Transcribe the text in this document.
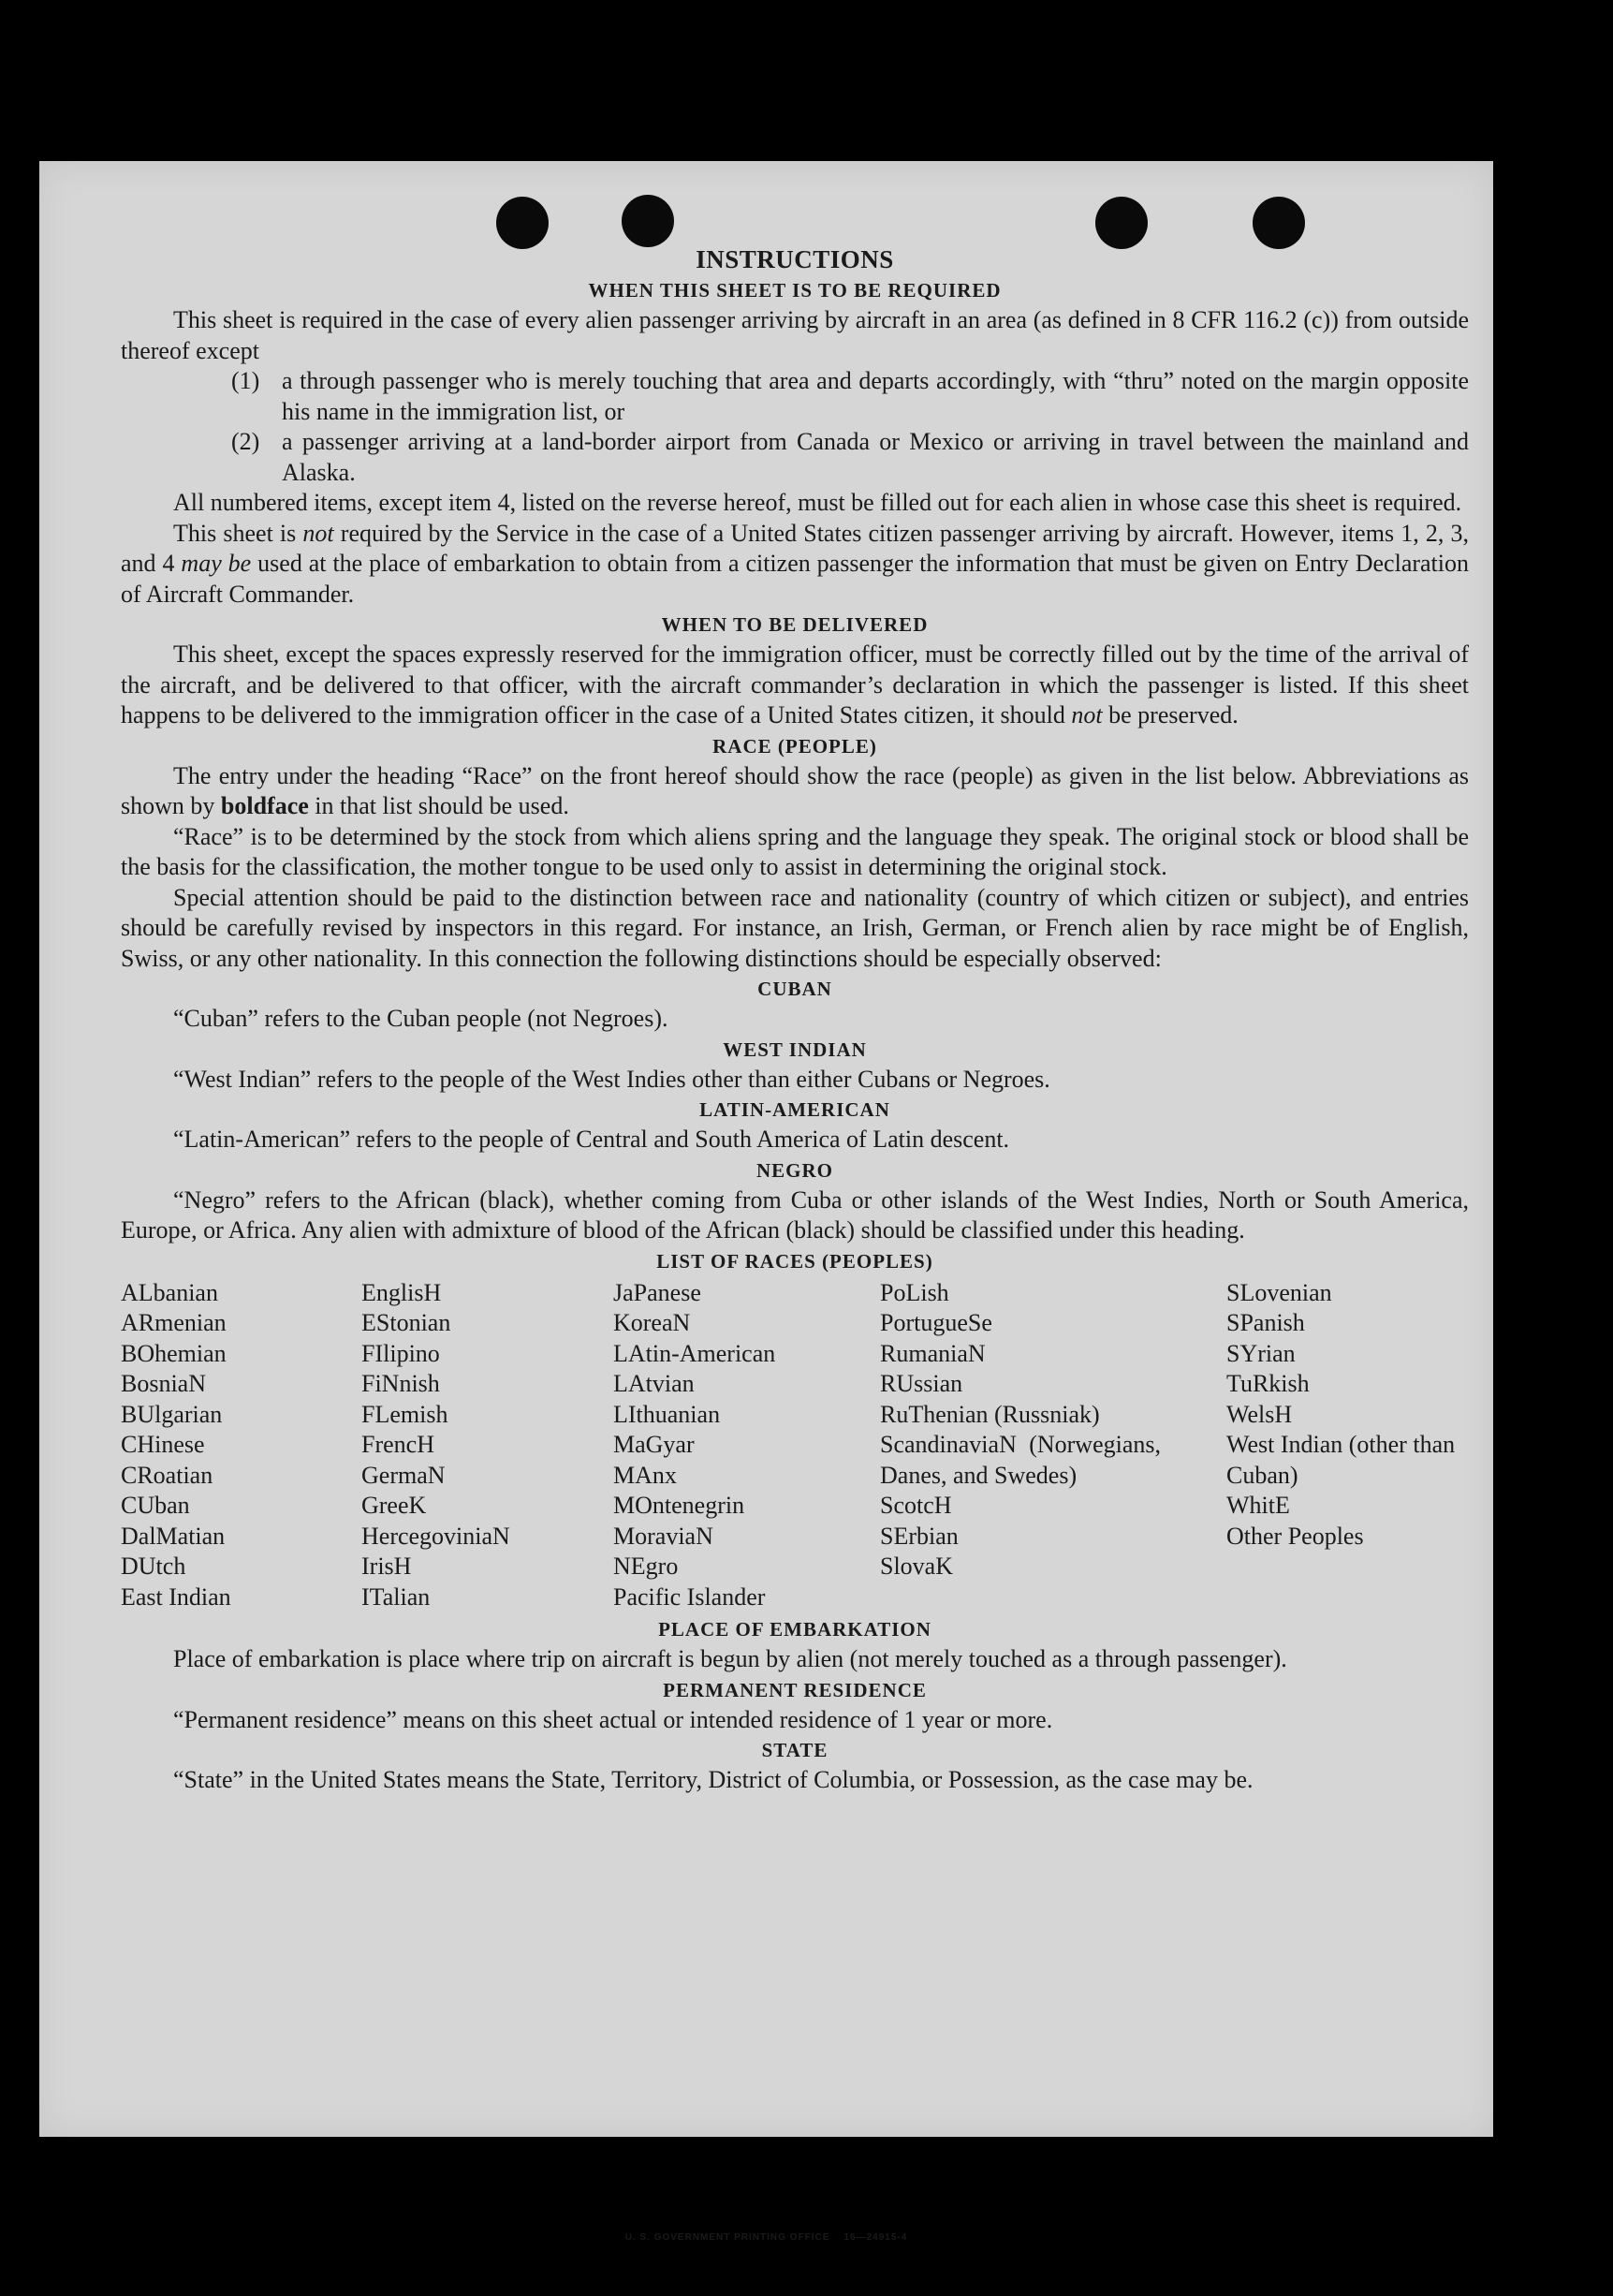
INSTRUCTIONS
WHEN THIS SHEET IS TO BE REQUIRED

This sheet is required in the case of every alien passenger arriving by aircraft in an area (as defined in 8 CFR 116.2 (c)) from outside thereof except

(1) a through passenger who is merely touching that area and departs accordingly, with “thru” noted on the margin opposite his name in the immigration list, or
(2) a passenger arriving at a land-border airport from Canada or Mexico or arriving in travel between the mainland and Alaska.

All numbered items, except item 4, listed on the reverse hereof, must be filled out for each alien in whose case this sheet is required.

This sheet is not required by the Service in the case of a United States citizen passenger arriving by aircraft. However, items 1, 2, 3, and 4 may be used at the place of embarkation to obtain from a citizen passenger the information that must be given on Entry Declaration of Aircraft Commander.

WHEN TO BE DELIVERED

This sheet, except the spaces expressly reserved for the immigration officer, must be correctly filled out by the time of the arrival of the aircraft, and be delivered to that officer, with the aircraft commander’s declaration in which the passenger is listed. If this sheet happens to be delivered to the immigration officer in the case of a United States citizen, it should not be preserved.

RACE (PEOPLE)

The entry under the heading “Race” on the front hereof should show the race (people) as given in the list below. Abbreviations as shown by boldface in that list should be used.

“Race” is to be determined by the stock from which aliens spring and the language they speak. The original stock or blood shall be the basis for the classification, the mother tongue to be used only to assist in determining the original stock.

Special attention should be paid to the distinction between race and nationality (country of which citizen or subject), and entries should be carefully revised by inspectors in this regard. For instance, an Irish, German, or French alien by race might be of English, Swiss, or any other nationality. In this connection the following distinctions should be especially observed:

CUBAN

“Cuban” refers to the Cuban people (not Negroes).

WEST INDIAN

“West Indian” refers to the people of the West Indies other than either Cubans or Negroes.

LATIN-AMERICAN

“Latin-American” refers to the people of Central and South America of Latin descent.

NEGRO

“Negro” refers to the African (black), whether coming from Cuba or other islands of the West Indies, North or South America, Europe, or Africa. Any alien with admixture of blood of the African (black) should be classified under this heading.

LIST OF RACES (PEOPLES)
ALbanian
ARmenian
BOhemian
BosniaN
BUlgarian
CHinese
CRoatian
CUban
DalMatian
DUtch
East Indian
EnglisH
EStonian
FIlipino
FiNnish
FLemish
FrencH
GermaN
GreeK
HercegoviniaN
IrisH
ITalian
JaPanese
KoreaN
LAtin-American
LAtvian
LIthuanian
MaGyar
MAnx
MOntenegrin
MoraviaN
NEgro
Pacific Islander
PoLish
PortugueSe
RumaniaN
RUssian
RuThenian (Russniak)
ScandinaviaN (Norwegians, Danes, and Swedes)
ScotcH
SErbian
SlovaK
SLovenian
SPanish
SYrian
TuRkish
WelsH
West Indian (other than Cuban)
WhitE
Other Peoples
PLACE OF EMBARKATION

Place of embarkation is place where trip on aircraft is begun by alien (not merely touched as a through passenger).

PERMANENT RESIDENCE

“Permanent residence” means on this sheet actual or intended residence of 1 year or more.

STATE

“State” in the United States means the State, Territory, District of Columbia, or Possession, as the case may be.

U. S. GOVERNMENT PRINTING OFFICE    16—24915-4
